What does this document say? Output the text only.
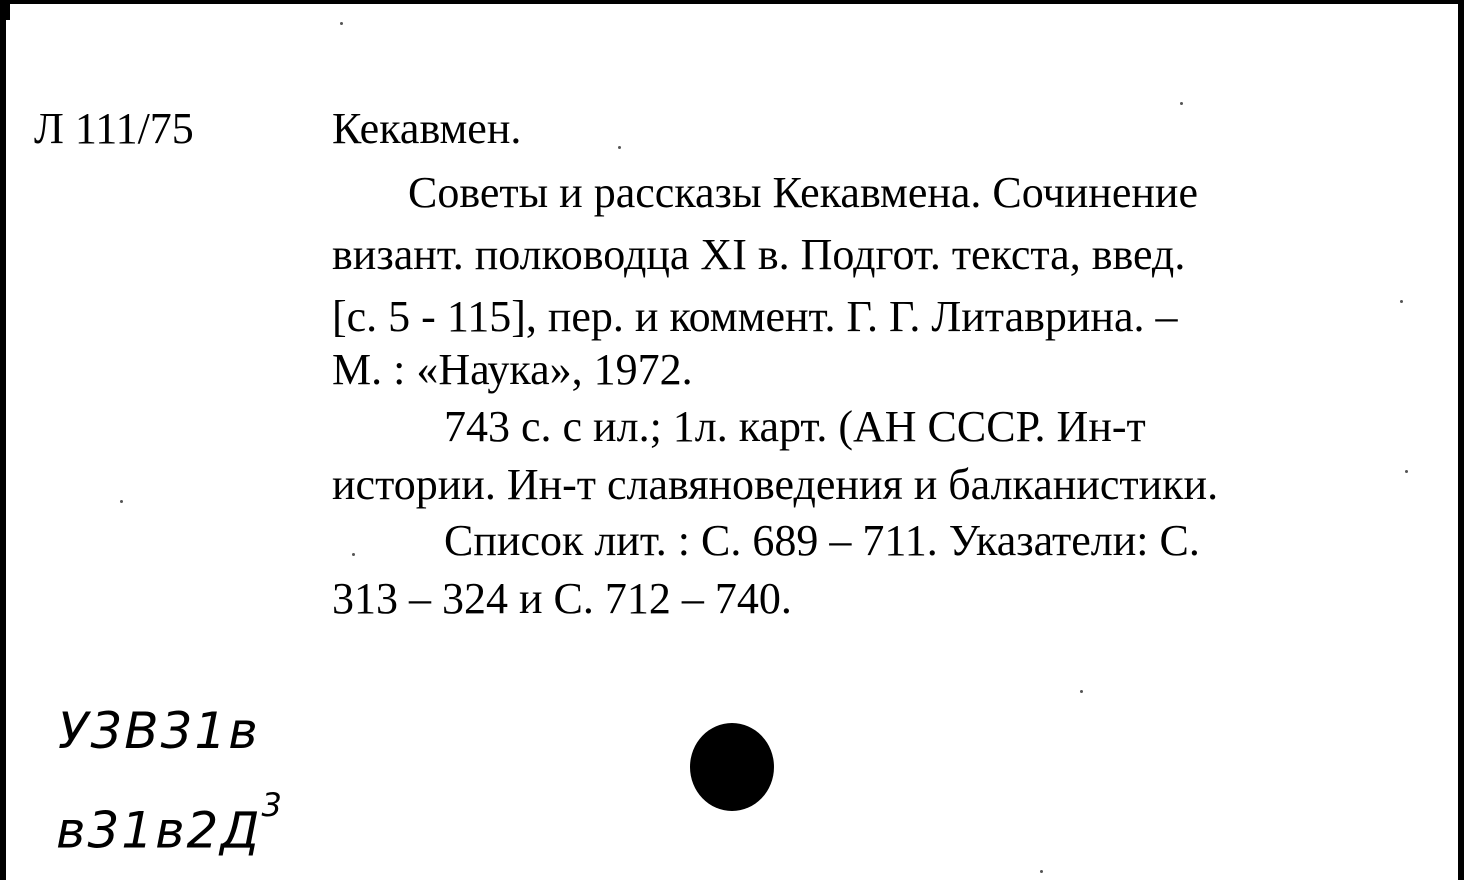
Л 111/75	Кекавмен.
Советы и рассказы Кекавмена. Сочинение
визант. полководца XI в. Подгот. текста, введ.
[с. 5 - 115], пер. и коммент. Г. Г. Литаврина. –
М. : «Наука», 1972.
743 с. с ил.; 1л. карт. (АН СССР. Ин-т
истории. Ин-т славяноведения и балканистики.
Список лит. : С. 689 – 711. Указатели: С.
313 – 324 и С. 712 – 740.
У3В31в
$в31в2Д^3$
